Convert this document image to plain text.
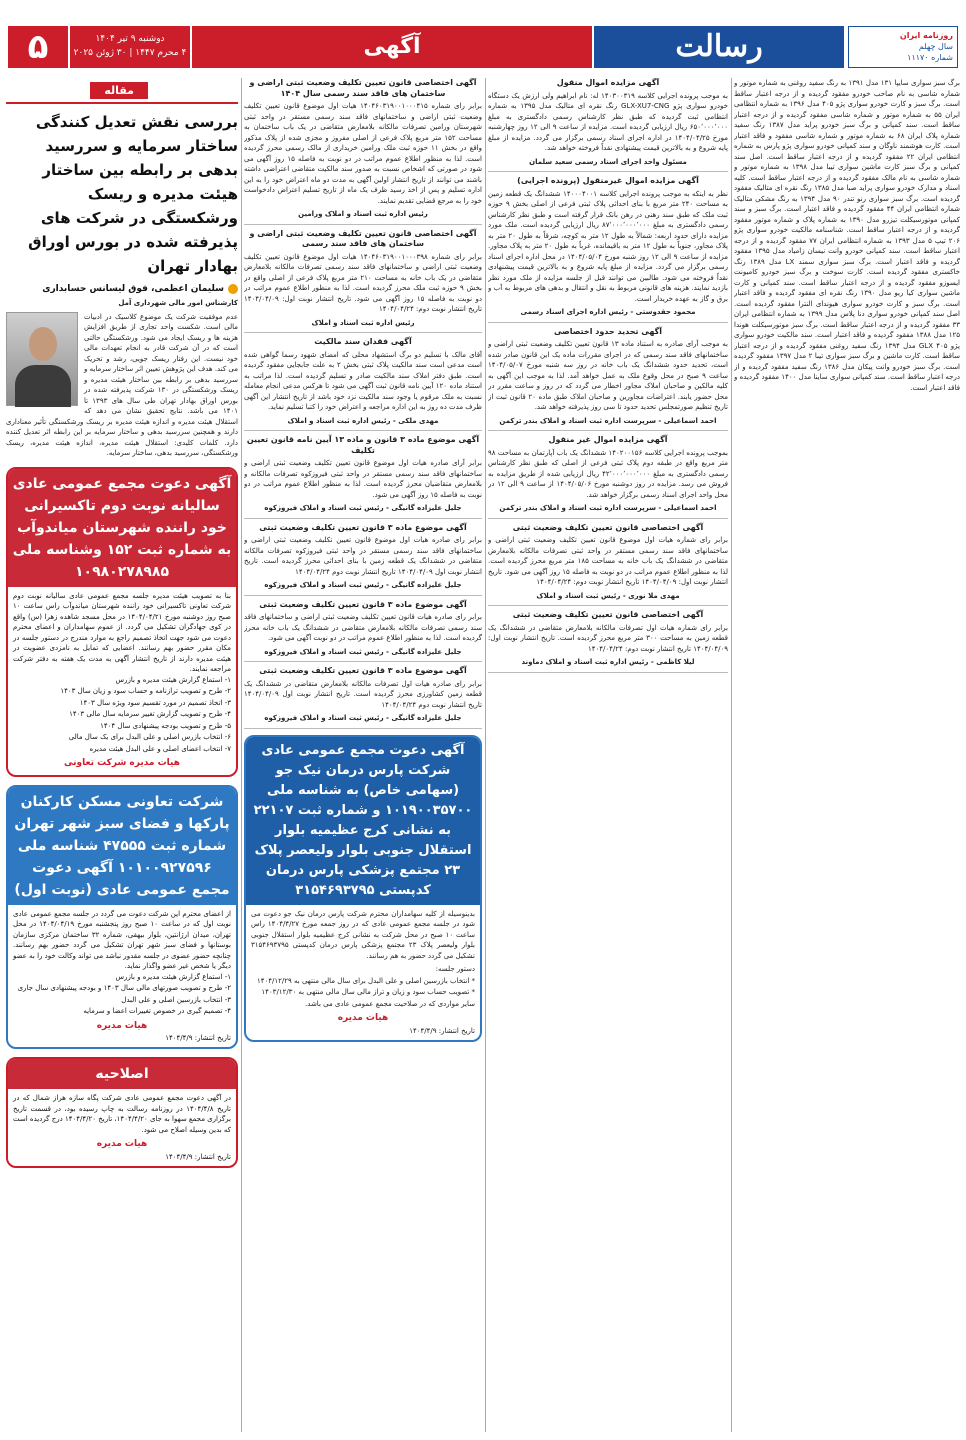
۵	دوشنبه ۹ تیر ۱۴۰۴
۴ محرم ۱۴۴۷ | ۳۰ ژوئن ۲۰۲۵	آگهی	رسالت	روزنامه ایران
سال چهلم
شماره ۱۱۱۷۰
مقاله
بررسی نقش تعدیل کنندگی ساختار سرمایه و سررسید بدهی بر رابطه بین ساختار هیئت مدیره و ریسک ورشکستگی در شرکت های پذیرفته شده در بورس اوراق بهادار تهران
سلیمان اعظمی، فوق لیسانس حسابداری
کارشناس امور مالی شهرداری آمل
عدم موفقیت شرکت یک موضوع کلاسیک در ادبیات مالی است. شکست واحد تجاری از طریق افزایش هزینه ها و ریسک ایجاد می شود. ورشکستگی حالتی است که در آن شرکت قادر به انجام تعهدات مالی خود نیست. این رفتار ریسک جویی، رشد و تحریک می کند. هدف این پژوهش تعیین اثر ساختار سرمایه و سررسید بدهی بر رابطه بین ساختار هیئت مدیره و ریسک ورشکستگی در ۱۳۰ شرکت پذیرفته شده در بورس اوراق بهادار تهران طی سال های ۱۳۹۳ تا ۱۴۰۱ می باشد. نتایج تحقیق نشان می دهد که استقلال هیئت مدیره و اندازه هیئت مدیره بر ریسک ورشکستگی تأثیر معناداری دارند و همچنین سررسید بدهی و ساختار سرمایه بر این رابطه اثر تعدیل کننده دارد. کلمات کلیدی: استقلال هیئت مدیره، اندازه هیئت مدیره، ریسک ورشکستگی، سررسید بدهی، ساختار سرمایه.
آگهی دعوت مجمع عمومی عادی سالیانه نوبت دوم تاکسیرانی خود راننده شهرستان میاندوآب به شماره ثبت ۱۵۲ وشناسه ملی ۱۰۹۸۰۲۷۸۹۸۵

بنا به تصویب هیئت مدیره جلسه مجمع عمومی عادی سالیانه نوبت دوم شرکت تعاونی تاکسیرانی خود راننده شهرستان میاندوآب راس ساعت ۱۰ صبح روز دوشنبه مورخ ۱۴۰۴/۰۴/۲۱ در محل مسجد شاهده زهرا (س) واقع در کوی جهادگران تشکیل می گردد. از عموم سهامداران و اعضای محترم دعوت می شود جهت اتخاذ تصمیم راجع به موارد مندرج در دستور جلسه در مکان مقرر حضور بهم رسانند. اعضایی که تمایل به نامزدی عضویت در هیئت مدیره دارند از تاریخ انتشار آگهی به مدت یک هفته به دفتر شرکت مراجعه نمایند.

۱- استماع گزارش هیئت مدیره و بازرس
۲- طرح و تصویب ترازنامه و حساب سود و زیان سال ۱۴۰۳
۳- اتخاذ تصمیم در مورد تقسیم سود ویژه سال ۱۴۰۳
۴- طرح و تصویب گزارش تغییر سرمایه سال مالی ۱۴۰۳
۵- طرح و تصویب بودجه پیشنهادی سال ۱۴۰۴
۶- انتخاب بازرس اصلی و علی البدل برای یک سال مالی
۷- انتخاب اعضای اصلی و علی البدل هیئت مدیره
هیات مدیره شرکت تعاونی
شرکت تعاونی مسکن کارکنان پارکها و فضای سبز شهر تهران شماره ثبت ۴۷۵۵۵ شناسه ملی ۱۰۱۰۰۹۲۷۵۹۶ آگهی دعوت مجمع عمومی عادی (نوبت اول)

از اعضای محترم این شرکت دعوت می گردد در جلسه مجمع عمومی عادی نوبت اول که در ساعت ۱۰ صبح روز پنجشنبه مورخ ۱۴۰۴/۰۴/۱۹ در محل تهران، میدان ارژانتین، بلوار بیهقی، شماره ۳۲ ساختمان مرکزی سازمان بوستانها و فضای سبز شهر تهران تشکیل می گردد حضور بهم رسانند. چنانچه حضور عضوی در جلسه مقدور نباشد می تواند وکالت خود را به عضو دیگر یا شخص غیر عضو واگذار نماید.

۱- استماع گزارش هیئت مدیره و بازرس
۲- طرح و تصویب صورتهای مالی سال ۱۴۰۳ و بودجه پیشنهادی سال جاری
۳- انتخاب بازرسین اصلی و علی البدل
۴- تصمیم گیری در خصوص تغییرات اعضا و سرمایه
هیات مدیره
تاریخ انتشار: ۱۴۰۴/۴/۹
اصلاحیه

در آگهی دعوت مجمع عمومی عادی شرکت پگاه سازه هراز شمال که در تاریخ ۱۴۰۴/۴/۸ در روزنامه رسالت به چاپ رسیده بود، در قسمت تاریخ برگزاری مجمع سهوا به جای ۱۴۰۴/۴/۲۰، تاریخ ۱۴۰۴/۴/۲۰ درج گردیده است که بدین وسیله اصلاح می شود.

هیات مدیره
تاریخ انتشار: ۱۴۰۴/۴/۹
آگهی اختصاصی قانون تعیین تکلیف وضعیت ثبتی اراضی و ساختمان های فاقد سند رسمی سال ۱۴۰۴

برابر رای شماره ۱۴۰۴۶۰۳۱۹۰۰۱۰۰۰۴۱۵ هیات اول موضوع قانون تعیین تکلیف وضعیت ثبتی اراضی و ساختمانهای فاقد سند رسمی مستقر در واحد ثبتی شهرستان ورامین تصرفات مالکانه بلامعارض متقاضی در یک باب ساختمان به مساحت ۱۵۲ متر مربع پلاک فرعی از اصلی مفروز و مجزی شده از پلاک مذکور واقع در بخش ۱۱ حوزه ثبت ملک ورامین خریداری از مالک رسمی محرز گردیده است. لذا به منظور اطلاع عموم مراتب در دو نوبت به فاصله ۱۵ روز آگهی می شود در صورتی که اشخاص نسبت به صدور سند مالکیت متقاضی اعتراضی داشته باشند می توانند از تاریخ انتشار اولین آگهی به مدت دو ماه اعتراض خود را به این اداره تسلیم و پس از اخذ رسید ظرف یک ماه از تاریخ تسلیم اعتراض دادخواست خود را به مرجع قضایی تقدیم نمایند.

رئیس اداره ثبت اسناد و املاک ورامین
آگهی اختصاصی قانون تعیین تکلیف وضعیت ثبتی اراضی و ساختمان های فاقد سند رسمی

برابر رای شماره ۱۴۰۴۶۰۳۱۹۰۰۱۰۰۰۳۹۸ هیات اول موضوع قانون تعیین تکلیف وضعیت ثبتی اراضی و ساختمانهای فاقد سند رسمی تصرفات مالکانه بلامعارض متقاضی در یک باب خانه به مساحت ۲۱۰ متر مربع پلاک فرعی از اصلی واقع در بخش ۹ حوزه ثبت ملک محرز گردیده است. لذا به منظور اطلاع عموم مراتب در دو نوبت به فاصله ۱۵ روز آگهی می شود. تاریخ انتشار نوبت اول: ۱۴۰۴/۰۴/۰۹ تاریخ انتشار نوبت دوم: ۱۴۰۴/۰۴/۲۴

رئیس اداره ثبت اسناد و املاک
آگهی فقدان سند مالکیت

آقای مالک با تسلیم دو برگ استشهاد محلی که امضای شهود رسما گواهی شده است مدعی است سند مالکیت پلاک ثبتی بخش ۲ به علت جابجایی مفقود گردیده است. طبق دفتر املاک سند مالکیت صادر و تسلیم گردیده است. لذا مراتب به استناد ماده ۱۲۰ آیین نامه قانون ثبت آگهی می شود تا هرکس مدعی انجام معامله نسبت به ملک مرقوم یا وجود سند مالکیت نزد خود باشد از تاریخ انتشار این آگهی ظرف مدت ده روز به این اداره مراجعه و اعتراض خود را کتبا تسلیم نماید.

مهدی ملکی - رئیس اداره ثبت اسناد و املاک
آگهی موضوع ماده ۳ قانون و ماده ۱۳ آیین نامه قانون تعیین تکلیف

برابر آرای صادره هیات اول موضوع قانون تعیین تکلیف وضعیت ثبتی اراضی و ساختمانهای فاقد سند رسمی مستقر در واحد ثبتی فیروزکوه تصرفات مالکانه و بلامعارض متقاضیان محرز گردیده است. لذا به منظور اطلاع عموم مراتب در دو نوبت به فاصله ۱۵ روز آگهی می شود.

جلیل علیزاده گانیگی - رئیس ثبت اسناد و املاک فیروزکوه
آگهی موضوع ماده ۳ قانون تعیین تکلیف وضعیت ثبتی

برابر رای صادره هیات اول موضوع قانون تعیین تکلیف وضعیت ثبتی اراضی و ساختمانهای فاقد سند رسمی مستقر در واحد ثبتی فیروزکوه تصرفات مالکانه متقاضی در ششدانگ یک قطعه زمین با بنای احداثی محرز گردیده است. تاریخ انتشار نوبت اول ۱۴۰۴/۰۴/۰۹ تاریخ انتشار نوبت دوم ۱۴۰۴/۰۴/۲۴

جلیل علیزاده گانیگی - رئیس ثبت اسناد و املاک فیروزکوه
آگهی موضوع ماده ۳ قانون تعیین تکلیف وضعیت ثبتی

برابر رای صادره هیات قانون تعیین تکلیف وضعیت ثبتی اراضی و ساختمانهای فاقد سند رسمی تصرفات مالکانه بلامعارض متقاضی در ششدانگ یک باب خانه محرز گردیده است. لذا به منظور اطلاع عموم مراتب در دو نوبت آگهی می شود.

جلیل علیزاده گانیگی - رئیس ثبت اسناد و املاک فیروزکوه
آگهی موضوع ماده ۳ قانون تعیین تکلیف وضعیت ثبتی

برابر رای صادره هیات اول تصرفات مالکانه بلامعارض متقاضی در ششدانگ یک قطعه زمین کشاورزی محرز گردیده است. تاریخ انتشار نوبت اول ۱۴۰۴/۰۴/۰۹ تاریخ انتشار نوبت دوم ۱۴۰۴/۰۴/۲۴

جلیل علیزاده گانیگی - رئیس ثبت اسناد و املاک فیروزکوه
آگهی دعوت مجمع عمومی عادی شرکت پارس درمان نیک جو (سهامی خاص) به شناسه ملی ۱۰۱۹۰۰۳۵۷۰۰ و شماره ثبت ۲۲۱۰۷ به نشانی کرج عظیمیه بلوار استقلال جنوبی بلوار ولیعصر پلاک ۲۳ مجتمع پزشکی پارس درمان کدپستی ۳۱۵۴۶۹۳۷۹۵

بدینوسیله از کلیه سهامداران محترم شرکت پارس درمان نیک جو دعوت می شود در جلسه مجمع عمومی عادی که در روز جمعه مورخ ۱۴۰۴/۴/۲۷ راس ساعت ۱۰ صبح در محل شرکت به نشانی کرج عظیمیه بلوار استقلال جنوبی بلوار ولیعصر پلاک ۲۳ مجتمع پزشکی پارس درمان کدپستی ۳۱۵۴۶۹۳۷۹۵ تشکیل می گردد حضور به هم رسانند.

دستور جلسه:
* انتخاب بازرسین اصلی و علی البدل برای سال مالی منتهی به ۱۴۰۴/۱۲/۲۹
* تصویب حساب سود و زیان و تراز مالی سال مالی منتهی به ۱۴۰۳/۱۲/۳۰
سایر مواردی که در صلاحیت مجمع عمومی عادی می باشد.
هیات مدیره
تاریخ انتشار: ۱۴۰۴/۴/۹
آگهی مزایده اموال منقول

به موجب پرونده اجرایی کلاسه ۱۴۰۳۰۰۳۱۹ له: نام ابراهیم ولی ارزش یک دستگاه خودرو سواری پژو GLX-XU7-CNG رنگ نقره ای متالیک مدل ۱۳۹۵ به شماره انتظامی ثبت گردیده که طبق نظر کارشناس رسمی دادگستری به مبلغ ۶۵۰٬۰۰۰٬۰۰۰ ریال ارزیابی گردیده است. مزایده از ساعت ۹ الی ۱۲ روز چهارشنبه مورخ ۱۴۰۴/۰۴/۲۵ در اداره اجرای اسناد رسمی برگزار می گردد. مزایده از مبلغ پایه شروع و به بالاترین قیمت پیشنهادی نقداً فروخته خواهد شد.

مسئول واحد اجرای اسناد رسمی سعید سلمان
آگهی مزایده اموال غیرمنقول (پرونده اجرایی)

نظر به اینکه به موجب پرونده اجرایی کلاسه ۱۴۰۰۰۴۰۰۱ ششدانگ یک قطعه زمین به مساحت ۲۴۰ متر مربع با بنای احداثی پلاک ثبتی فرعی از اصلی بخش ۹ حوزه ثبت ملک که طبق سند رهنی در رهن بانک قرار گرفته است و طبق نظر کارشناس رسمی دادگستری به مبلغ ۸۷٬۰۰۰٬۰۰۰٬۰۰۰ ریال ارزیابی گردیده است. ملک مورد مزایده دارای حدود اربعه: شمالاً به طول ۱۲ متر به کوچه، شرقاً به طول ۲۰ متر به پلاک مجاور، جنوباً به طول ۱۲ متر به باقیمانده، غرباً به طول ۲۰ متر به پلاک مجاور. مزایده از ساعت ۹ الی ۱۲ روز شنبه مورخ ۱۴۰۴/۰۵/۰۴ در محل اداره اجرای اسناد رسمی برگزار می گردد. مزایده از مبلغ پایه شروع و به بالاترین قیمت پیشنهادی نقداً فروخته می شود. طالبین می توانند قبل از جلسه مزایده از ملک مورد نظر بازدید نمایند. هزینه های قانونی مربوط به نقل و انتقال و بدهی های مربوط به آب و برق و گاز به عهده خریدار است.

محمود حقدوستی - رئیس اداره اجرای اسناد رسمی
آگهی تحدید حدود اختصاصی

به موجب آرای صادره به استناد ماده ۱۳ قانون تعیین تکلیف وضعیت ثبتی اراضی و ساختمانهای فاقد سند رسمی که در اجرای مقررات ماده یک این قانون صادر شده است، تحدید حدود ششدانگ یک باب خانه در روز سه شنبه مورخ ۱۴۰۴/۰۵/۰۷ ساعت ۹ صبح در محل وقوع ملک به عمل خواهد آمد. لذا به موجب این آگهی به کلیه مالکین و صاحبان املاک مجاور اخطار می گردد که در روز و ساعت مقرر در محل حضور یابند. اعتراضات مجاورین و صاحبان املاک طبق ماده ۲۰ قانون ثبت از تاریخ تنظیم صورتمجلس تحدید حدود تا سی روز پذیرفته خواهد شد.

احمد اسماعیلی - سرپرست اداره ثبت اسناد و املاک بندر ترکمن
آگهی مزایده اموال غیر منقول

بموجب پرونده اجرایی کلاسه ۱۴۰۲۰۰۱۵۶ ششدانگ یک باب آپارتمان به مساحت ۹۸ متر مربع واقع در طبقه دوم پلاک ثبتی فرعی از اصلی که طبق نظر کارشناس رسمی دادگستری به مبلغ ۴۲٬۰۰۰٬۰۰۰٬۰۰۰ ریال ارزیابی شده از طریق مزایده به فروش می رسد. مزایده در روز دوشنبه مورخ ۱۴۰۴/۰۵/۰۶ از ساعت ۹ الی ۱۲ در محل واحد اجرای اسناد رسمی برگزار خواهد شد.

احمد اسماعیلی - سرپرست اداره ثبت اسناد و املاک بندر ترکمن
آگهی اختصاصی قانون تعیین تکلیف وضعیت ثبتی

برابر رای شماره هیات اول موضوع قانون تعیین تکلیف وضعیت ثبتی اراضی و ساختمانهای فاقد سند رسمی مستقر در واحد ثبتی تصرفات مالکانه بلامعارض متقاضی در ششدانگ یک باب خانه به مساحت ۱۸۵ متر مربع محرز گردیده است. لذا به منظور اطلاع عموم مراتب در دو نوبت به فاصله ۱۵ روز آگهی می شود. تاریخ انتشار نوبت اول: ۱۴۰۴/۰۴/۰۹ تاریخ انتشار نوبت دوم: ۱۴۰۴/۰۴/۲۴

مهدی ملا نوری - رئیس ثبت اسناد و املاک
آگهی اختصاصی قانون تعیین تکلیف وضعیت ثبتی

برابر رای شماره هیات اول تصرفات مالکانه بلامعارض متقاضی در ششدانگ یک قطعه زمین به مساحت ۳۰۰ متر مربع محرز گردیده است. تاریخ انتشار نوبت اول: ۱۴۰۴/۰۴/۰۹ تاریخ انتشار نوبت دوم: ۱۴۰۴/۰۴/۲۴

لیلا کاظمی - رئیس اداره ثبت اسناد و املاک دماوند

برگ سبز سواری سایپا ۱۳۱ مدل ۱۳۹۱ به رنگ سفید روغنی به شماره موتور و شماره شاسی به نام صاحب خودرو مفقود گردیده و از درجه اعتبار ساقط است. برگ سبز و کارت خودرو سواری پژو ۴۰۵ مدل ۱۳۹۶ به شماره انتظامی ایران ۵۵ به شماره موتور و شماره شاسی مفقود گردیده و از درجه اعتبار ساقط است. سند کمپانی و برگ سبز خودرو پراید مدل ۱۳۸۷ رنگ سفید شماره پلاک ایران ۶۸ به شماره موتور و شماره شاسی مفقود و فاقد اعتبار است. کارت هوشمند ناوگان و سند کمپانی خودرو سواری پژو پارس به شماره انتظامی ایران ۲۲ مفقود گردیده و از درجه اعتبار ساقط است. اصل سند کمپانی و برگ سبز کارت ماشین سواری تیبا مدل ۱۳۹۸ به شماره موتور و شماره شاسی به نام مالک مفقود گردیده و از درجه اعتبار ساقط است. کلیه اسناد و مدارک خودرو سواری پراید صبا مدل ۱۳۸۵ رنگ نقره ای متالیک مفقود گردیده است. برگ سبز سواری رنو تندر ۹۰ مدل ۱۳۹۴ به رنگ مشکی متالیک شماره انتظامی ایران ۴۴ مفقود گردیده و فاقد اعتبار است. برگ سبز و سند کمپانی موتورسیکلت تیزرو مدل ۱۳۹۰ به شماره پلاک و شماره موتور مفقود گردیده و از درجه اعتبار ساقط است. شناسنامه مالکیت خودرو سواری پژو ۲۰۶ تیپ ۵ مدل ۱۳۹۳ به شماره انتظامی ایران ۷۷ مفقود گردیده و از درجه اعتبار ساقط است. سند کمپانی خودرو وانت نیسان زامیاد مدل ۱۳۹۵ مفقود گردیده و فاقد اعتبار است. برگ سبز سواری سمند LX مدل ۱۳۸۹ رنگ خاکستری مفقود گردیده است. کارت سوخت و برگ سبز خودرو کامیونت ایسوزو مفقود گردیده و از درجه اعتبار ساقط است. سند کمپانی و کارت ماشین سواری کیا ریو مدل ۱۳۹۰ رنگ نقره ای مفقود گردیده و فاقد اعتبار است. برگ سبز و کارت خودرو سواری هیوندای النترا مفقود گردیده است. اصل سند کمپانی خودرو سواری دنا پلاس مدل ۱۳۹۹ به شماره انتظامی ایران ۳۳ مفقود گردیده و از درجه اعتبار ساقط است. برگ سبز موتورسیکلت هوندا ۱۲۵ مدل ۱۳۸۸ مفقود گردیده و فاقد اعتبار است. سند مالکیت خودرو سواری پژو ۴۰۵ GLX مدل ۱۳۹۴ رنگ سفید روغنی مفقود گردیده و از درجه اعتبار ساقط است. کارت ماشین و برگ سبز سواری تیبا ۲ مدل ۱۳۹۷ مفقود گردیده است. برگ سبز خودرو وانت پیکان مدل ۱۳۸۶ رنگ سفید مفقود گردیده و از درجه اعتبار ساقط است. سند کمپانی سواری ساینا مدل ۱۴۰۰ مفقود گردیده و فاقد اعتبار است.
